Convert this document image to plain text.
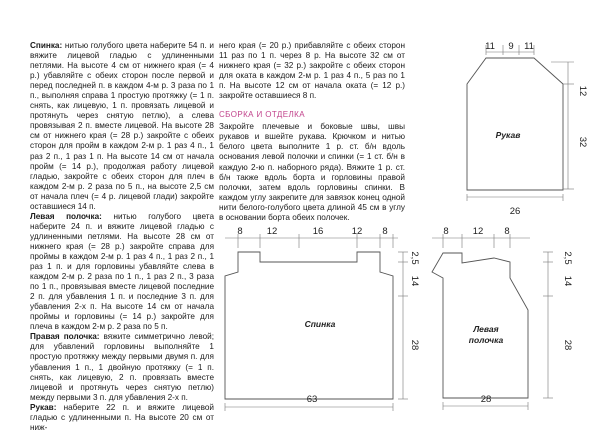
Спинка: нитью голубого цвета наберите 54 п. и вяжите лицевой гладью с удлиненными петлями. На высоте 4 см от нижнего края (= 4 р.) убавляйте с обеих сторон после первой и перед последней п. в каждом 4-м р. 3 раза по 1 п., выполняя справа 1 простую протяжку (= 1 п. снять, как лицевую, 1 п. провязать лицевой и протянуть через снятую петлю), а слева провязывая 2 п. вместе лицевой. На высоте 28 см от нижнего края (= 28 р.) закройте с обеих сторон для пройм в каждом 2-м р. 1 раз 4 п., 1 раз 2 п., 1 раз 1 п. На высоте 14 см от начала пройм (= 14 р.), продолжая работу лицевой гладью, закройте с обеих сторон для плеч в каждом 2-м р. 2 раза по 5 п., на высоте 2,5 см от начала плеч (= 4 р. лицевой глади) закройте оставшиеся 14 п.

Левая полочка: нитью голубого цвета наберите 24 п. и вяжите лицевой гладью с удлиненными петлями. На высоте 28 см от нижнего края (= 28 р.) закройте справа для проймы в каждом 2-м р. 1 раз 4 п., 1 раз 2 п., 1 раз 1 п. и для горловины убавляйте слева в каждом 2-м р. 2 раза по 1 п., 1 раз 2 п., 3 раза по 1 п., провязывая вместе лицевой последние 2 п. для убавления 1 п. и последние 3 п. для убавления 2-х п. На высоте 14 см от начала проймы и горловины (= 14 р.) закройте для плеча в каждом 2-м р. 2 раза по 5 п.

Правая полочка: вяжите симметрично левой; для убавлений горловины выполняйте 1 простую протяжку между первыми двумя п. для убавления 1 п., 1 двойную протяжку (= 1 п. снять, как лицевую, 2 п. провязать вместе лицевой и протянуть через снятую петлю) между первыми 3 п. для убавления 2-х п.

Рукав: наберите 22 п. и вяжите лицевой гладью с удлиненными п. На высоте 20 см от ниж-

него края (= 20 р.) прибавляйте с обеих сторон 11 раз по 1 п. через 8 р. На высоте 32 см от нижнего края (= 32 р.) закройте с обеих сторон для оката в каждом 2-м р. 1 раз 4 п., 5 раз по 1 п. На высоте 12 см от начала оката (= 12 р.) закройте оставшиеся 8 п.

СБОРКА И ОТДЕЛКА

Закройте плечевые и боковые швы, швы рукавов и вшейте рукава. Крючком и нитью белого цвета выполните 1 р. ст. б/н вдоль основания левой полочки и спинки (= 1 ст. б/н в каждую 2-ю п. наборного ряда). Вяжите 1 р. ст. б/н также вдоль борта и горловины правой полочки, затем вдоль горловины спинки. В каждом углу закрепите для завязок конец одной нити белого-голубого цвета длиной 45 см в углу в основании борта обеих полочек.

11 9 11
12
32
26
Рукав
8	12	16	12 8
2,5
14
28
63
Спинка
8	12 8
2,5
14
28
28
Левая полочка
